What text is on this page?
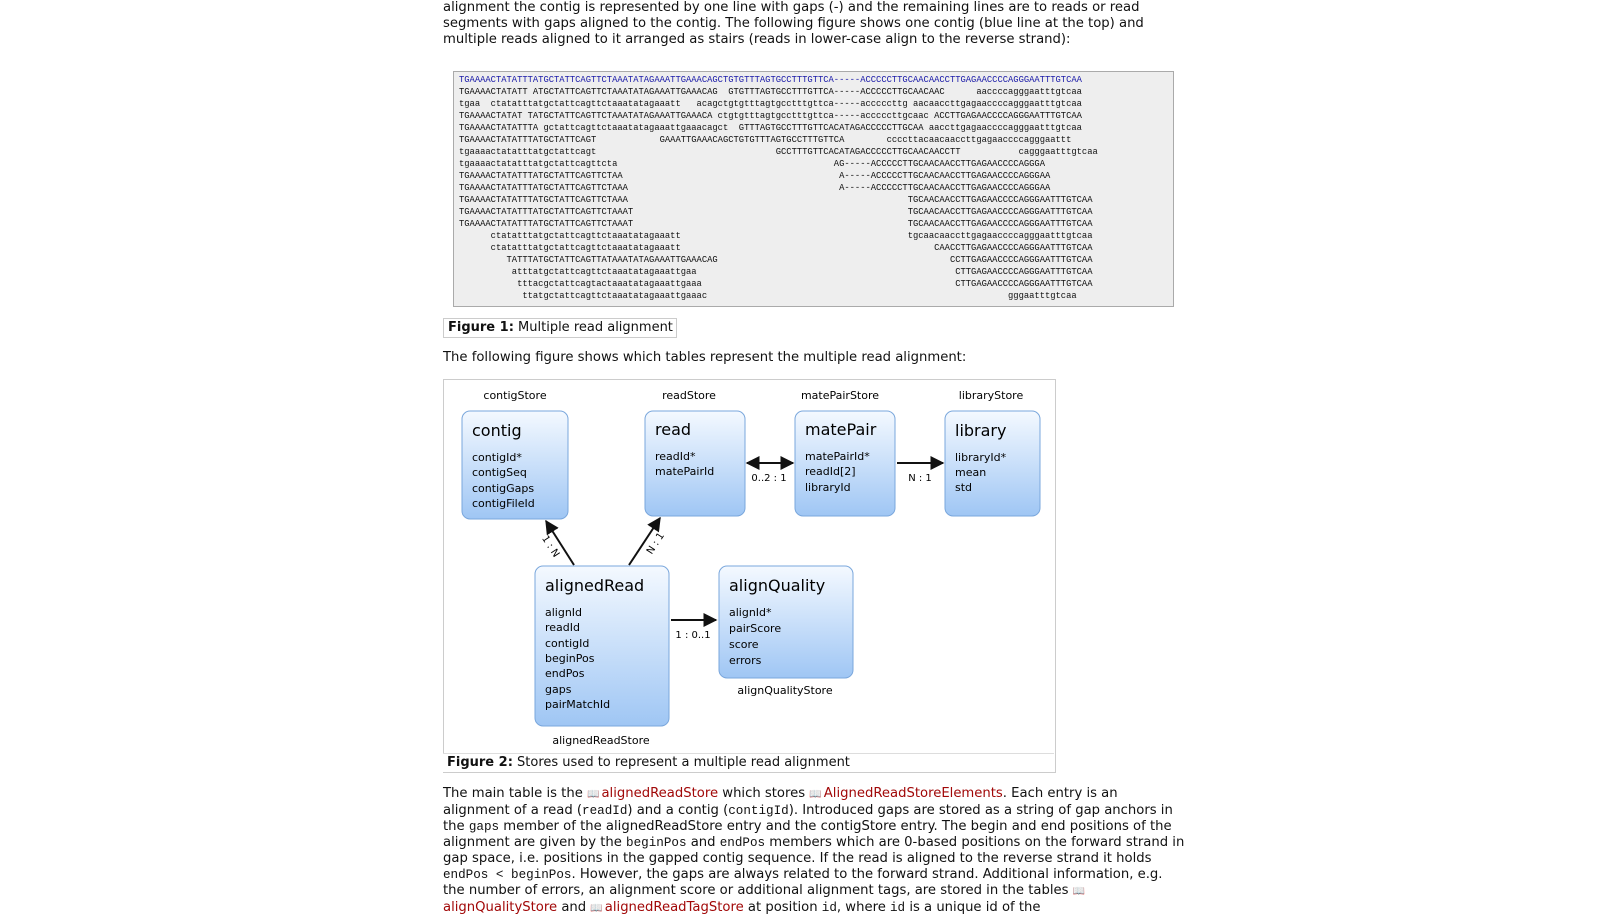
alignment the contig is represented by one line with gaps (-) and the remaining lines are to reads or read

segments with gaps aligned to the contig. The following figure shows one contig (blue line at the top) and

multiple reads aligned to it arranged as stairs (reads in lower-case align to the reverse strand):

TGAAAACTATATTTATGCTATTCAGTTCTAAATATAGAAATTGAAACAGCTGTGTTTAGTGCCTTTGTTCA-----ACCCCCTTGCAACAACCTTGAGAACCCCAGGGAATTTGTCAA
TGAAAACTATATT ATGCTATTCAGTTCTAAATATAGAAATTGAAACAG  GTGTTTAGTGCCTTTGTTCA-----ACCCCCTTGCAACAAC      aaccccagggaatttgtcaa
tgaa  ctatatttatgctattcagttctaaatatagaaatt   acagctgtgtttagtgcctttgttca-----acccccttg aacaaccttgagaaccccagggaatttgtcaa
TGAAAACTATAT TATGCTATTCAGTTCTAAATATAGAAATTGAAACA ctgtgtttagtgcctttgttca-----acccccttgcaac ACCTTGAGAACCCCAGGGAATTTGTCAA
TGAAAACTATATTTA gctattcagttctaaatatagaaattgaaacagct  GTTTAGTGCCTTTGTTCACATAGACCCCCTTGCAA aaccttgagaaccccagggaatttgtcaa
TGAAAACTATATTTATGCTATTCAGT            GAAATTGAAACAGCTGTGTTTAGTGCCTTTGTTCA        ccccttacaacaaccttgagaaccccagggaattt
tgaaaactatatttatgctattcagt                                  GCCTTTGTTCACATAGACCCCCTTGCAACAACCTT           cagggaatttgtcaa
tgaaaactatatttatgctattcagttcta                                         AG-----ACCCCCTTGCAACAACCTTGAGAACCCCAGGGA
TGAAAACTATATTTATGCTATTCAGTTCTAA                                         A-----ACCCCCTTGCAACAACCTTGAGAACCCCAGGGAA
TGAAAACTATATTTATGCTATTCAGTTCTAAA                                        A-----ACCCCCTTGCAACAACCTTGAGAACCCCAGGGAA
TGAAAACTATATTTATGCTATTCAGTTCTAAA                                                     TGCAACAACCTTGAGAACCCCAGGGAATTTGTCAA
TGAAAACTATATTTATGCTATTCAGTTCTAAAT                                                    TGCAACAACCTTGAGAACCCCAGGGAATTTGTCAA
TGAAAACTATATTTATGCTATTCAGTTCTAAAT                                                    TGCAACAACCTTGAGAACCCCAGGGAATTTGTCAA
ctatatttatgctattcagttctaaatatagaaatt                                           tgcaacaaccttgagaaccccagggaatttgtcaa
ctatatttatgctattcagttctaaatatagaaatt                                                CAACCTTGAGAACCCCAGGGAATTTGTCAA
TATTTATGCTATTCAGTTATAAATATAGAAATTGAAACAG                                            CCTTGAGAACCCCAGGGAATTTGTCAA
atttatgctattcagttctaaatatagaaattgaa                                                 CTTGAGAACCCCAGGGAATTTGTCAA
tttacgctattcagtactaaatatagaaattgaaa                                                CTTGAGAACCCCAGGGAATTTGTCAA
ttatgctattcagttctaaatatagaaattgaaac                                                         gggaatttgtcaa
Figure 1: Multiple read alignment

The following figure shows which tables represent the multiple read alignment:

contigStore	readStore	matePairStore	libraryStore
alignedReadStore
alignQualityStore
contig
contigId*
contigSeq
contigGaps
contigFileId
read
readId*
matePairId
matePair
matePairId*
readId[2]
libraryId
library
libraryId*
mean
std
alignedRead
alignId
readId
contigId
beginPos
endPos
gaps
pairMatchId
alignQuality
alignId*
pairScore
score
errors
0..2 : 1	N : 1
1 : N	N : 1
1 : 0..1
Figure 2: Stores used to represent a multiple read alignment

The main table is the 📖 alignedReadStore which stores 📖 AlignedReadStoreElements. Each entry is an alignment of a read (readId) and a contig (contigId). Introduced gaps are stored as a string of gap anchors in the gaps member of the alignedReadStore entry and the contigStore entry. The begin and end positions of the alignment are given by the beginPos and endPos members which are 0-based positions on the forward strand in gap space, i.e. positions in the gapped contig sequence. If the read is aligned to the reverse strand it holds endPos < beginPos. However, the gaps are always related to the forward strand. Additional information, e.g. the number of errors, an alignment score or additional alignment tags, are stored in the tables 📖alignQualityStore and 📖 alignedReadTagStore at position id, where id is a unique id of the
